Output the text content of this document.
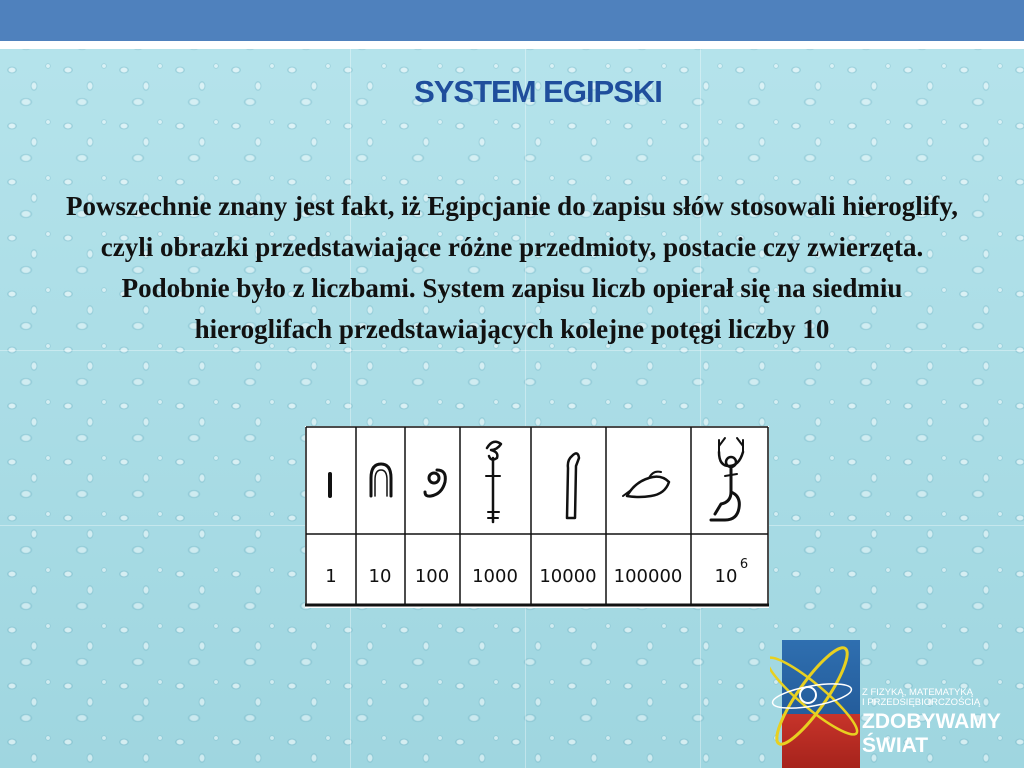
SYSTEM EGIPSKI
Powszechnie znany jest fakt, iż Egipcjanie do zapisu słów stosowali hieroglify, czyli obrazki przedstawiające różne przedmioty, postacie czy zwierzęta. Podobnie było z liczbami. System zapisu liczb opierał się na siedmiu hieroglifach przedstawiających kolejne potęgi liczby 10
1 10 100 1000 10000 100000 10
6
Z FIZYKĄ, MATEMATYKĄ
I PRZEDSIĘBIORCZOŚCIĄ
ZDOBYWAMY
ŚWIAT
